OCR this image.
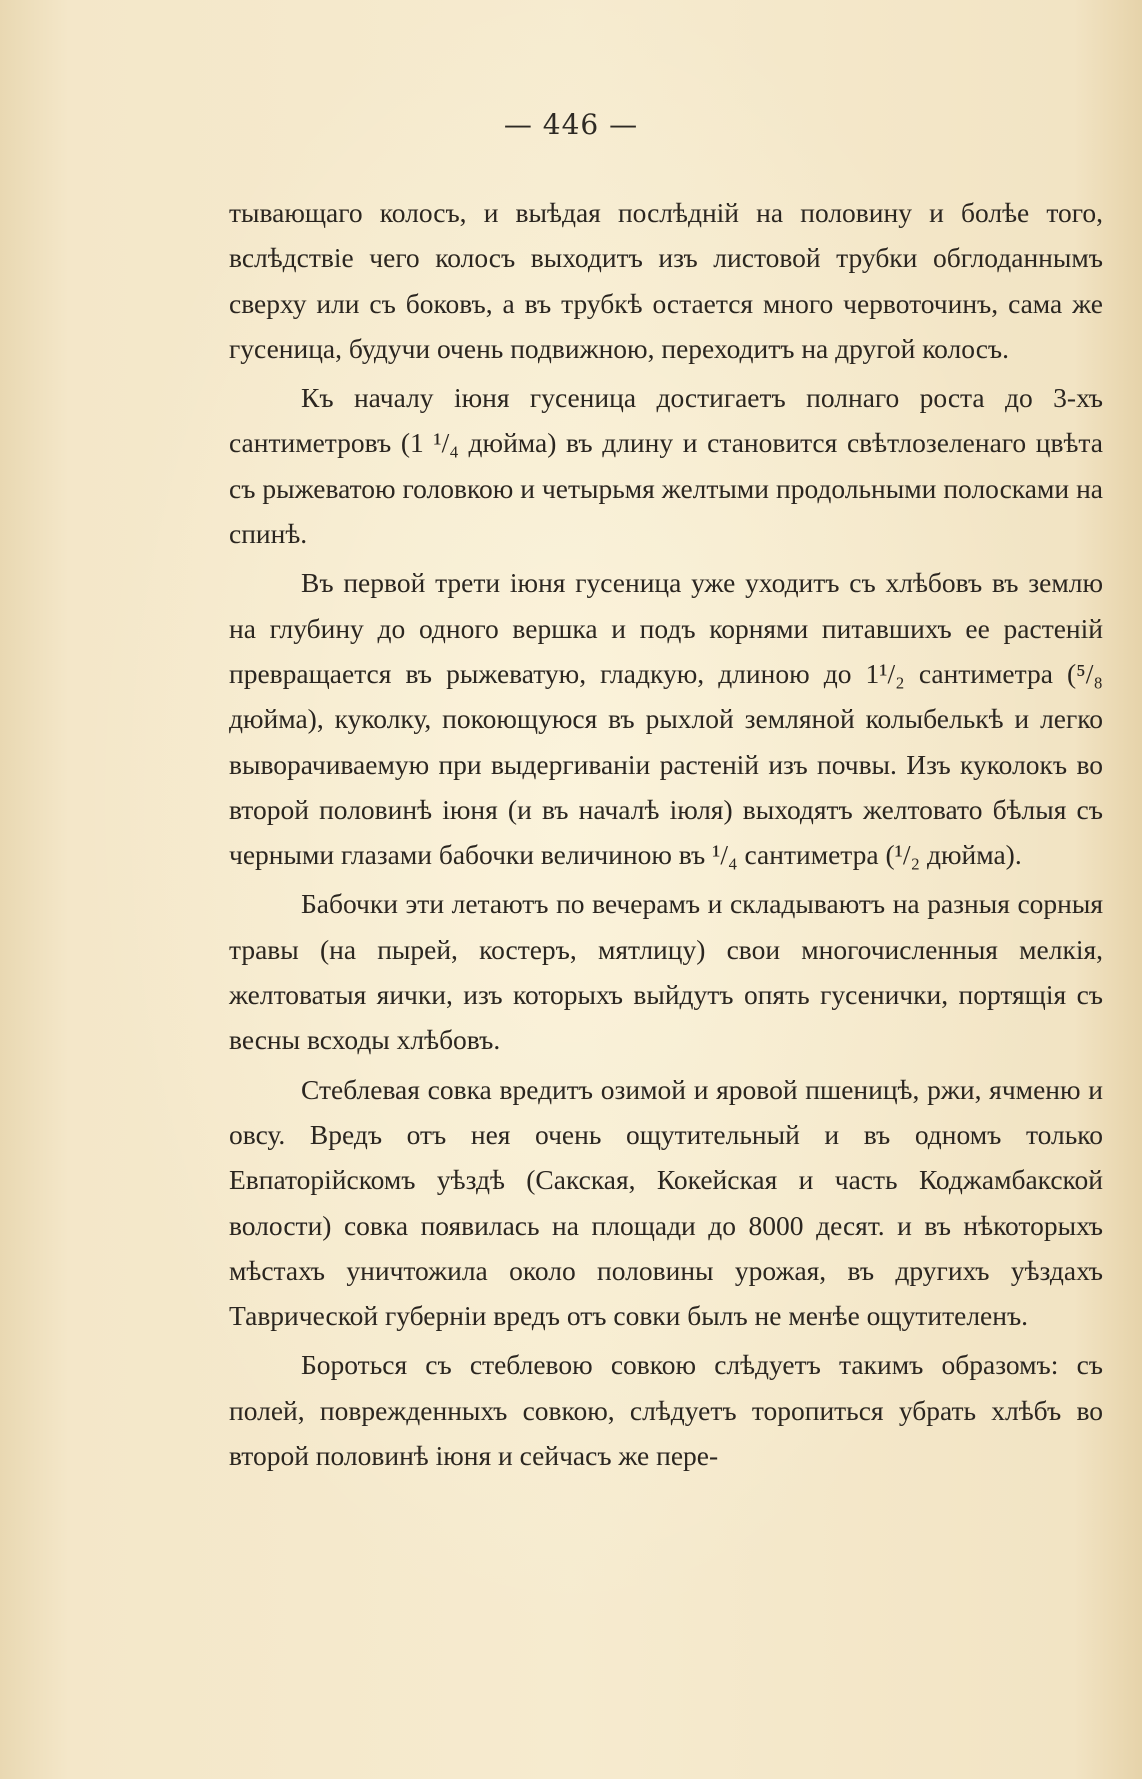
— 446 —

тывающаго колосъ, и выѣдая послѣдній на половину и болѣе того, вслѣдствіе чего колосъ выходитъ изъ листовой трубки обглоданнымъ сверху или съ боковъ, а въ трубкѣ остается много червоточинъ, сама же гусеница, будучи очень подвижною, переходитъ на другой колосъ.

Къ началу іюня гусеница достигаетъ полнаго роста до 3-хъ сантиметровъ (1 ¹/₄ дюйма) въ длину и становится свѣтлозеленаго цвѣта съ рыжеватою головкою и четырьмя желтыми продольными полосками на спинѣ.

Въ первой трети іюня гусеница уже уходитъ съ хлѣбовъ въ землю на глубину до одного вершка и подъ корнями питавшихъ ее растеній превращается въ рыжеватую, гладкую, длиною до 1¹/₂ сантиметра (⁵/₈ дюйма), куколку, покоющуюся въ рыхлой земляной колыбелькѣ и легко выворачиваемую при выдергиваніи растеній изъ почвы. Изъ куколокъ во второй половинѣ іюня (и въ началѣ іюля) выходятъ желтовато бѣлыя съ черными глазами бабочки величиною въ ¹/₄ сантиметра (¹/₂ дюйма).

Бабочки эти летаютъ по вечерамъ и складываютъ на разныя сорныя травы (на пырей, костеръ, мятлицу) свои многочисленныя мелкія, желтоватыя яички, изъ которыхъ выйдутъ опять гусенички, портящія съ весны всходы хлѣбовъ.

Стеблевая совка вредитъ озимой и яровой пшеницѣ, ржи, ячменю и овсу. Вредъ отъ нея очень ощутительный и въ одномъ только Евпаторійскомъ уѣздѣ (Сакская, Кокейская и часть Коджамбакской волости) совка появилась на площади до 8000 десят. и въ нѣкоторыхъ мѣстахъ уничтожила около половины урожая, въ другихъ уѣздахъ Таврической губерніи вредъ отъ совки былъ не менѣе ощутителенъ.

Бороться съ стеблевою совкою слѣдуетъ такимъ образомъ: съ полей, поврежденныхъ совкою, слѣдуетъ торопиться убрать хлѣбъ во второй половинѣ іюня и сейчасъ же пере-
